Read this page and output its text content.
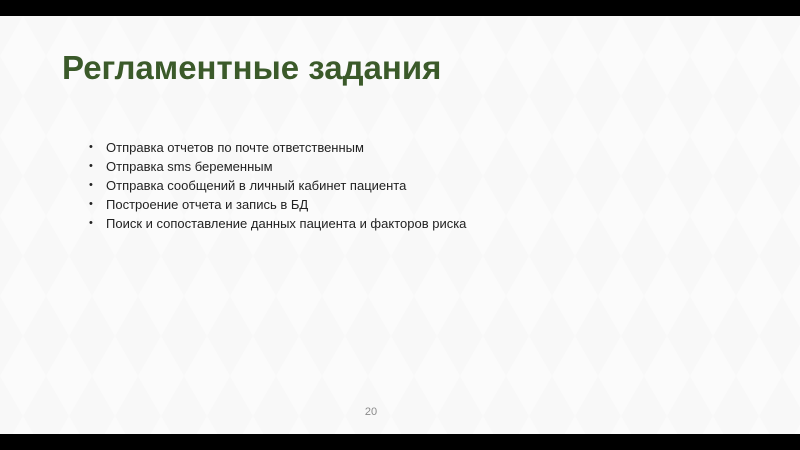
Регламентные задания
• Отправка отчетов по почте ответственным
• Отправка sms беременным
• Отправка сообщений в личный кабинет пациента
• Построение отчета и запись в БД
• Поиск и сопоставление данных пациента и факторов риска
20
